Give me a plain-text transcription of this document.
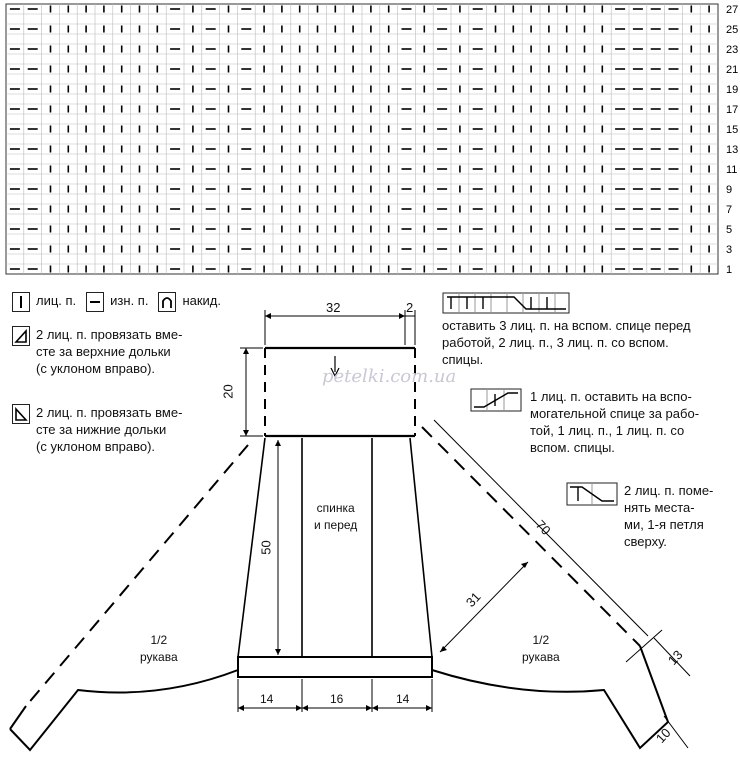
27
25
23
21
19
17
15
13
11
9
7
5
3
1
лиц. п.	изн. п.	накид.
2 лиц. п. провязать вме-
сте за верхние дольки
(с уклоном вправо).
2 лиц. п. провязать вме-
сте за нижние дольки
(с уклоном вправо).
оставить 3 лиц. п. на вспом. спице перед
работой, 2 лиц. п., 3 лиц. п. со вспом.
спицы.
1 лиц. п. оставить на вспо-
могательной спице за рабо-
той, 1 лиц. п., 1 лиц. п. со
вспом. спицы.
2 лиц. п. поме-
нять места-
ми, 1-я петля
сверху.
32	2
20
50
спинка
и перед
1/2
рукава
1/2
рукава
70
31
13
10
14	16	14
petelki.com.ua
